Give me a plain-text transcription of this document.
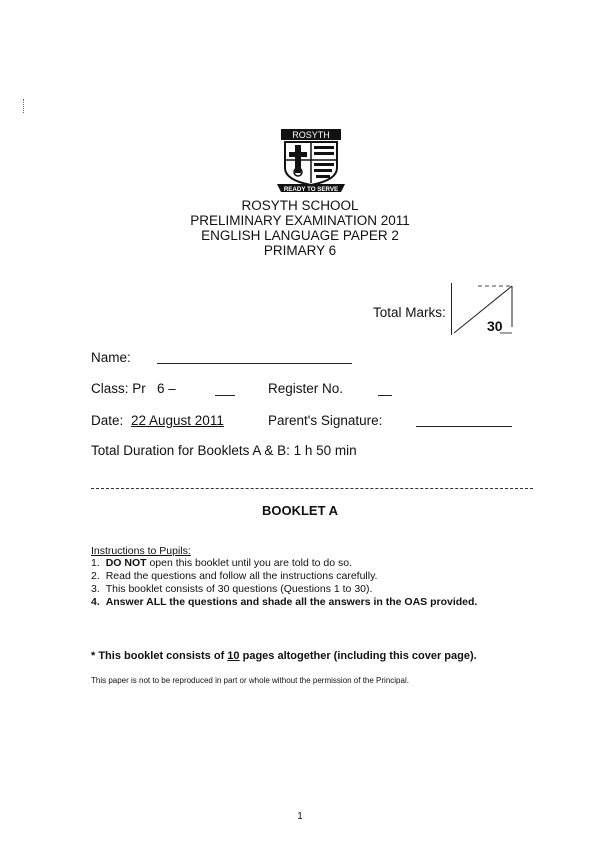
ROSYTH
READY TO SERVE
ROSYTH SCHOOL
PRELIMINARY EXAMINATION 2011
ENGLISH LANGUAGE PAPER 2
PRIMARY 6
Total Marks:
30
Name:
Class: Pr 6 –	Register No.
Date: 22 August 2011	Parent's Signature:
Total Duration for Booklets A & B: 1 h 50 min
BOOKLET A
Instructions to Pupils:
1. DO NOT open this booklet until you are told to do so.
2. Read the questions and follow all the instructions carefully.
3. This booklet consists of 30 questions (Questions 1 to 30).
4. Answer ALL the questions and shade all the answers in the OAS provided.
* This booklet consists of 10 pages altogether (including this cover page).
This paper is not to be reproduced in part or whole without the permission of the Principal.
1
